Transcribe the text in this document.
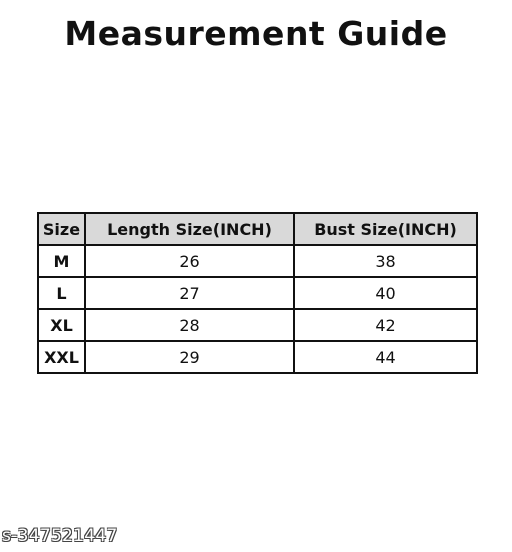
Measurement Guide
Size	Length Size(INCH)	Bust Size(INCH)
M	26	38
L	27	40
XL	28	42
XXL	29	44
s-347521447
